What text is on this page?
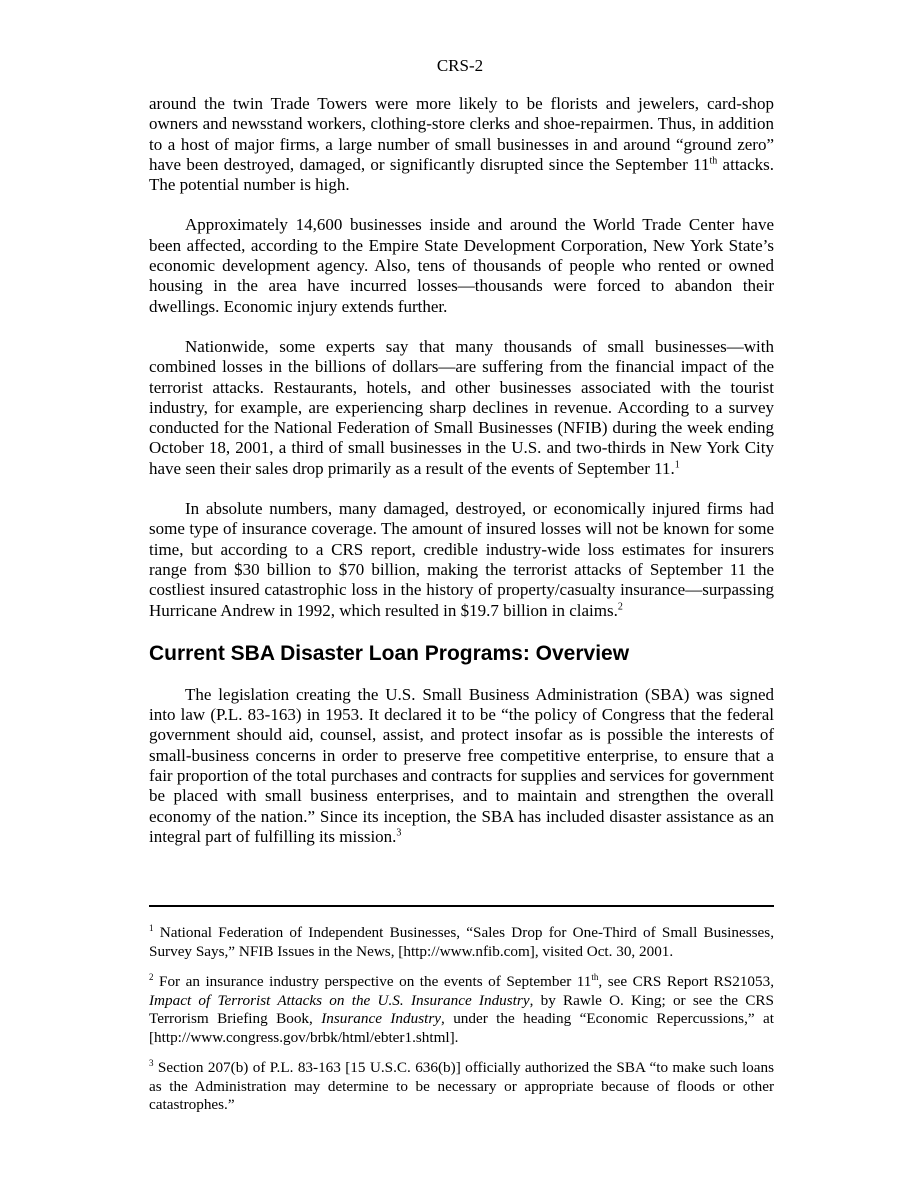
CRS-2

around the twin Trade Towers were more likely to be florists and jewelers, card-shop owners and newsstand workers, clothing-store clerks and shoe-repairmen. Thus, in addition to a host of major firms, a large number of small businesses in and around “ground zero” have been destroyed, damaged, or significantly disrupted since the September 11th attacks. The potential number is high.

Approximately 14,600 businesses inside and around the World Trade Center have been affected, according to the Empire State Development Corporation, New York State’s economic development agency. Also, tens of thousands of people who rented or owned housing in the area have incurred losses—thousands were forced to abandon their dwellings. Economic injury extends further.

Nationwide, some experts say that many thousands of small businesses—with combined losses in the billions of dollars—are suffering from the financial impact of the terrorist attacks. Restaurants, hotels, and other businesses associated with the tourist industry, for example, are experiencing sharp declines in revenue. According to a survey conducted for the National Federation of Small Businesses (NFIB) during the week ending October 18, 2001, a third of small businesses in the U.S. and two-thirds in New York City have seen their sales drop primarily as a result of the events of September 11.$^1$

In absolute numbers, many damaged, destroyed, or economically injured firms had some type of insurance coverage. The amount of insured losses will not be known for some time, but according to a CRS report, credible industry-wide loss estimates for insurers range from $30 billion to $70 billion, making the terrorist attacks of September 11 the costliest insured catastrophic loss in the history of property/casualty insurance—surpassing Hurricane Andrew in 1992, which resulted in $19.7 billion in claims.$^2$

Current SBA Disaster Loan Programs: Overview

The legislation creating the U.S. Small Business Administration (SBA) was signed into law (P.L. 83-163) in 1953. It declared it to be “the policy of Congress that the federal government should aid, counsel, assist, and protect insofar as is possible the interests of small-business concerns in order to preserve free competitive enterprise, to ensure that a fair proportion of the total purchases and contracts for supplies and services for government be placed with small business enterprises, and to maintain and strengthen the overall economy of the nation.” Since its inception, the SBA has included disaster assistance as an integral part of fulfilling its mission.$^3$

$^1$ National Federation of Independent Businesses, “Sales Drop for One-Third of Small Businesses, Survey Says,” NFIB Issues in the News, [http://www.nfib.com], visited Oct. 30, 2001.

$^2$ For an insurance industry perspective on the events of September 11th, see CRS Report RS21053, Impact of Terrorist Attacks on the U.S. Insurance Industry, by Rawle O. King; or see the CRS Terrorism Briefing Book, Insurance Industry, under the heading “Economic Repercussions,” at [http://www.congress.gov/brbk/html/ebter1.shtml].

$^3$ Section 207(b) of P.L. 83-163 [15 U.S.C. 636(b)] officially authorized the SBA “to make such loans as the Administration may determine to be necessary or appropriate because of floods or other catastrophes.”
